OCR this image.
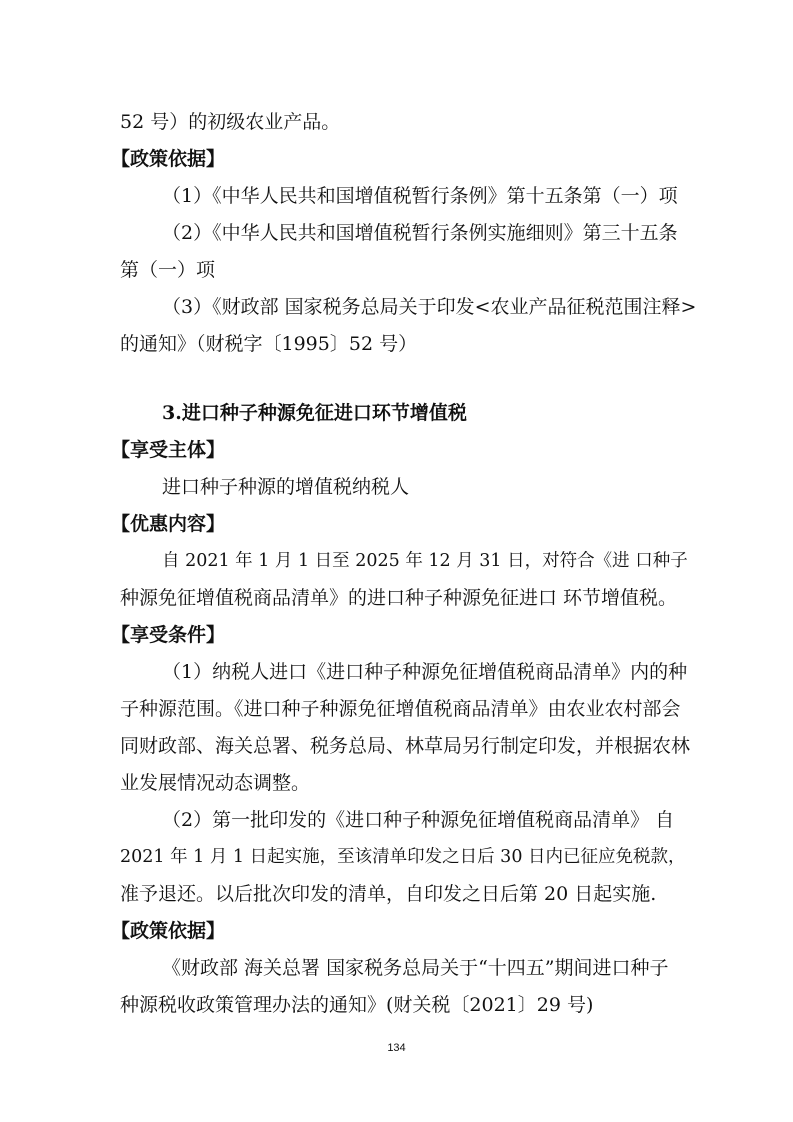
52 号）的初级农业产品。
【政策依据】
（1）《中华人民共和国增值税暂行条例》第十五条第（一）项
（2）《中华人民共和国增值税暂行条例实施细则》第三十五条
第（一）项
（3）《财政部 国家税务总局关于印发<农业产品征税范围注释>
的通知》（财税字〔1995〕52 号）
3.进口种子种源免征进口环节增值税
【享受主体】
进口种子种源的增值税纳税人
【优惠内容】
自 2021 年 1 月 1 日至 2025 年 12 月 31 日，对符合《进 口种子
种源免征增值税商品清单》的进口种子种源免征进口 环节增值税。
【享受条件】
（1）纳税人进口《进口种子种源免征增值税商品清单》内的种
子种源范围。《进口种子种源免征增值税商品清单》由农业农村部会
同财政部、海关总署、税务总局、林草局另行制定印发，并根据农林
业发展情况动态调整。
（2）第一批印发的《进口种子种源免征增值税商品清单》 自
2021 年 1 月 1 日起实施，至该清单印发之日后 30 日内已征应免税款，
准予退还。以后批次印发的清单，自印发之日后第 20 日起实施.
【政策依据】
《财政部 海关总署 国家税务总局关于“十四五”期间进口种子
种源税收政策管理办法的通知》(财关税〔2021〕29 号)
134
